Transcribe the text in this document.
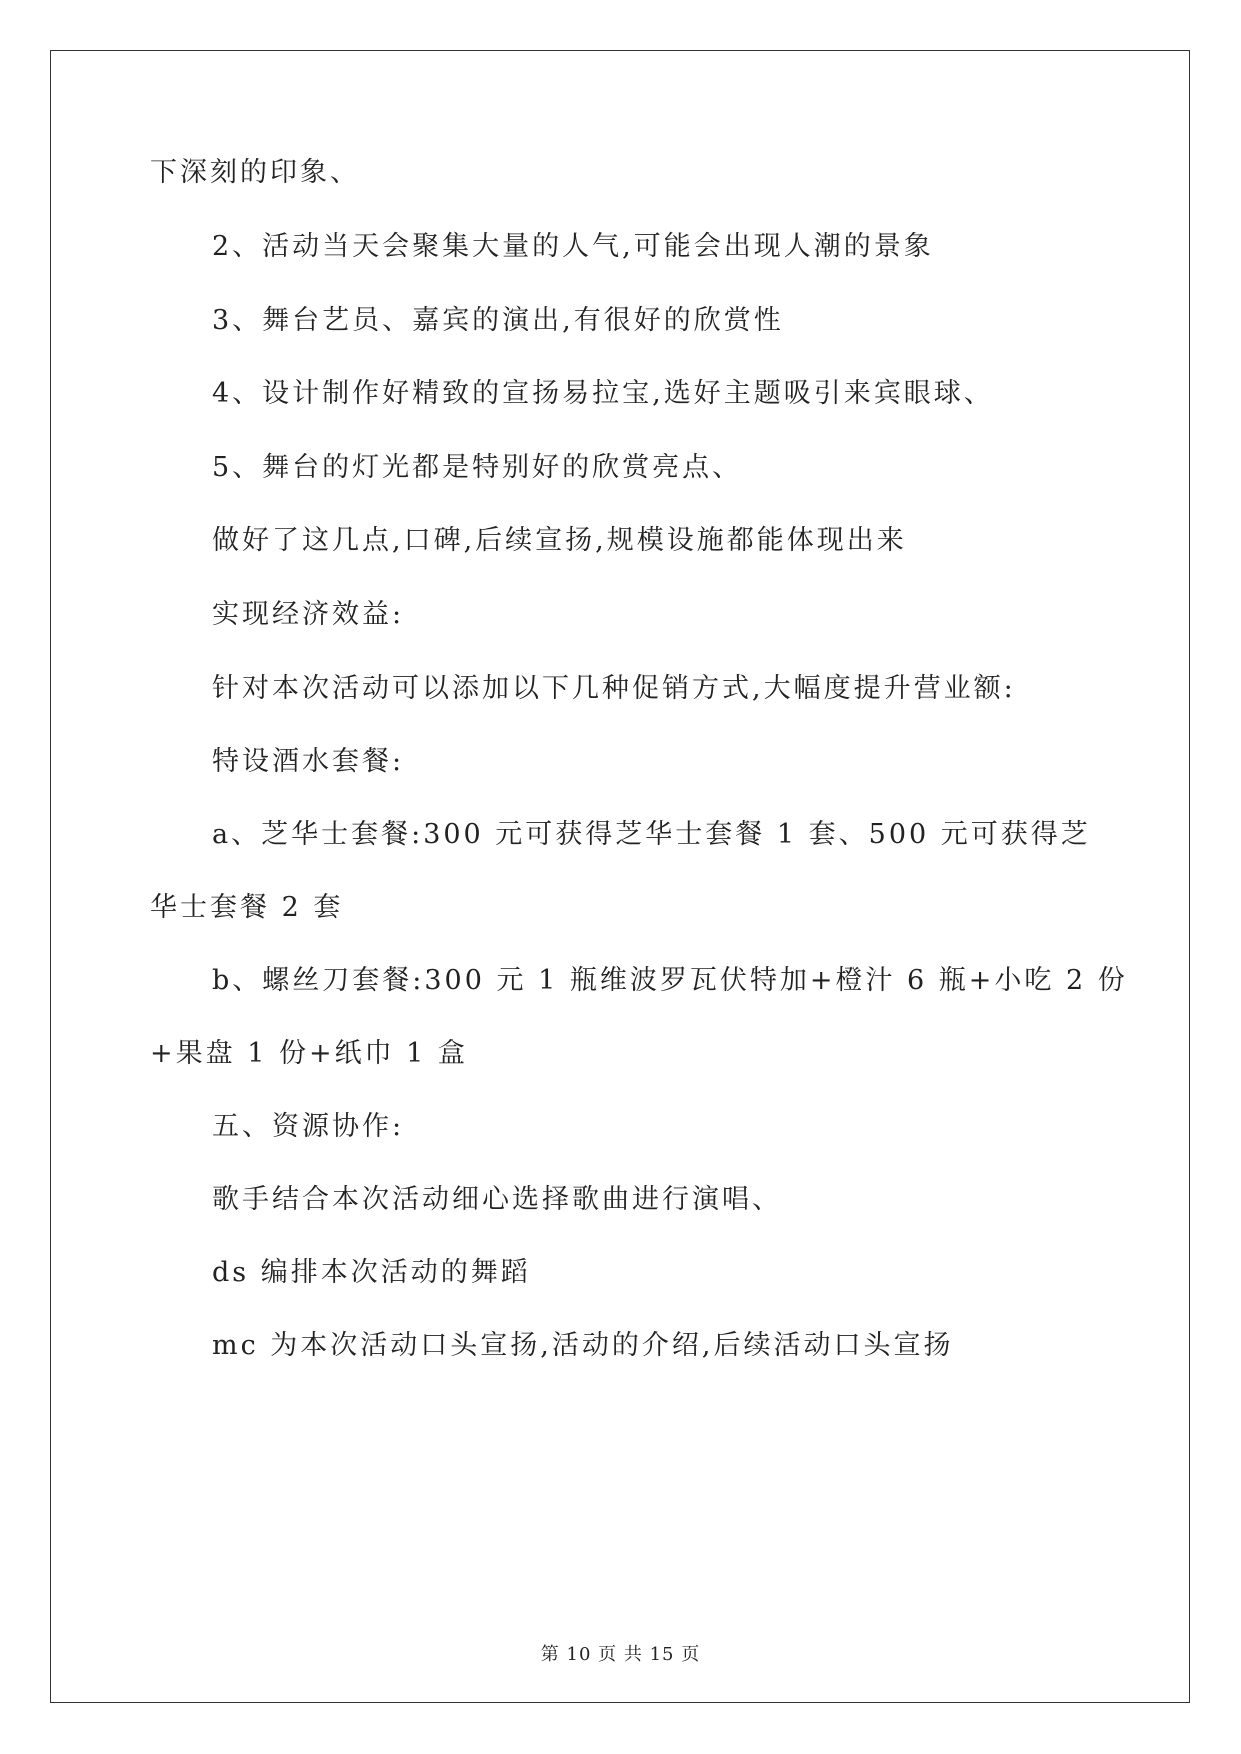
下深刻的印象、
2、活动当天会聚集大量的人气,可能会出现人潮的景象
3、舞台艺员、嘉宾的演出,有很好的欣赏性
4、设计制作好精致的宣扬易拉宝,选好主题吸引来宾眼球、
5、舞台的灯光都是特别好的欣赏亮点、
做好了这几点,口碑,后续宣扬,规模设施都能体现出来
实现经济效益:
针对本次活动可以添加以下几种促销方式,大幅度提升营业额:
特设酒水套餐:
a、芝华士套餐:300 元可获得芝华士套餐 1 套、500 元可获得芝
华士套餐 2 套
b、螺丝刀套餐:300 元 1 瓶维波罗瓦伏特加+橙汁 6 瓶+小吃 2 份
+果盘 1 份+纸巾 1 盒
五、资源协作:
歌手结合本次活动细心选择歌曲进行演唱、
ds 编排本次活动的舞蹈
mc 为本次活动口头宣扬,活动的介绍,后续活动口头宣扬
第 10 页 共 15 页
